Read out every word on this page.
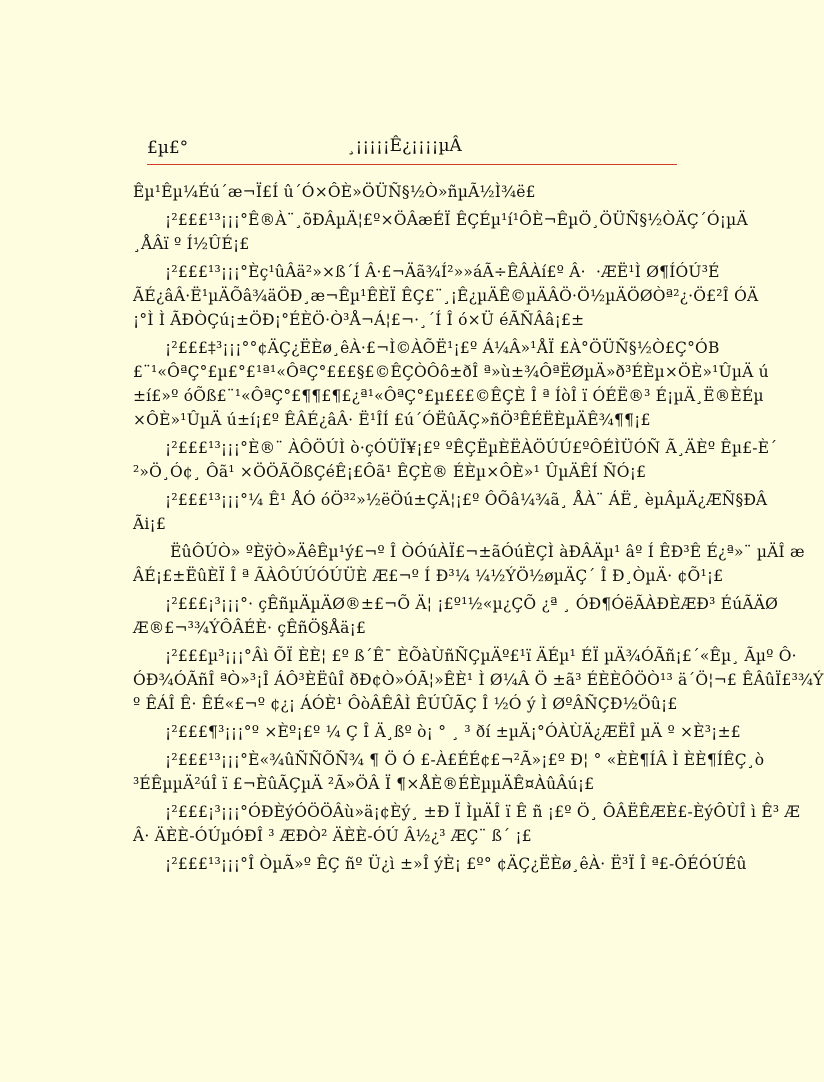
£µ£°	¸¡¡¡¡¡Ê¿¡¡¡¡µÂ
Êµ¹Êµ¼Éú´æ¬Ï£Í û´Ó×ÔÈ»ÖÜÑ§½Ò»ñµÃ½Ì¾ë£
¡²£££¹³¡¡¡°Ê®À¨¸õÐÂµÄ¦£º×ÖÂæÉÏ ÊÇÉµ¹í¹ÔÈ¬ÊµÖ¸ÖÜÑ§½ÒÄÇ´Ó¡µÄ
¸ÅÂï º Í½ÛÉ¡£
¡²£££¹³¡¡¡°Èç¹ûÂä²»×ß´Í Â·£¬Äã¾Í²»»áÃ÷ÊÂÀí£º Â·  ·ÆË¹Ì Ø¶ÍÓÚ³É
ÃÉ¿âÂ·Ë¹µÄÕâ¾äÖÐ¸æ¬Êµ¹ÊÈÏ ÊÇ£¨¸¡Ê¿µÄÊ©µÄÂÖ·Ö½µÄÖØÒª²¿·Ö£²Î ÓÄ
¡°Ì Ì ÃÐÒÇú¡±ÖÐ¡°ÉÈÖ·Ò³Å¬Á¦£¬·¸´Í Î ó×Ü éÃÑÂâ¡£±
¡²£££‡³¡¡¡°°¢ÄÇ¿ËÈø¸êÀ·£¬Ì©ÀÕË¹¡£º Á¼Â»¹ÅÏ £À°ÖÜÑ§½Ò£Ç°ÓB
£¨¹«ÔªÇ°£µ£°£¹ª¹«ÔªÇ°£££§£©ÊÇÒÔô±ðÎ ª»ù±¾ÔªËØµÄ»ð³ÉÈµ×ÖÈ»¹ÛµÄ ú
±í£»º óÕß£¨¹«ÔªÇ°£¶¶£¶£¿ª¹«ÔªÇ°£µ£££©ÊÇÈ Î ª ÍòÎ ï ÓÉË®³ É¡µÄ¸Ë®ÈÉµ
×ÔÈ»¹ÛµÄ ú±í¡£º ÊÂÉ¿âÂ· Ë¹ÎÍ £ú´ÓËûÃÇ»ñÖ³ÊÉËÈµÄÊ¾¶¶¡£
¡²£££¹³¡¡¡°È®¨ ÀÔÖÚÌ ò·çÓÜÏ¥¡£º ºÊÇËµÈËÀÖÚÚ£ºÔÉÌÜÓÑ Ã¸ÄÈº Êµ£-È´
²»Ö¸Ó¢¸ Ôã¹ ×ÖÖÃÕßÇéÊ¡£Ôã¹ ÊÇÈ® ÉÈµ×ÔÈ»¹ ÛµÄÊÍ ÑÓ¡£
¡²£££¹³¡¡¡°¼ Ê¹ ÅÓ óÖ³²»½ëÖú±ÇÄ¦¡£º ÔÕâ¼¾ã¸ ÅÀ¨ ÁË¸ èµÂµÄ¿ÆÑ§ÐÂ
Ãi¡£
ËûÔÚÒ» ºÈÿÒ»ÄêÊµ¹ý£¬º Î ÒÓúÀÏ£¬±ãÓúÈÇÌ àÐÂÄµ¹ âº Í ÊÐ³Ê É¿ª»¨ µÄÎ æ
ÂÉ¡£±ËûÈÏ Î ª ÃÀÔÚÚÓÚÜÈ Æ£¬º Í Ð³¼ ¼½ÝÖ½øµÄÇ´ Î Ð¸ÒµÄ· ¢Õ¹¡£
¡²£££¡³¡¡¡°· çÊñµÄµÄØ®±£¬Õ Ä¦ ¡£º¹½«µ¿ÇÕ ¿ª ¸ ÓÐ¶ÓëÃÀÐÈÆÐ³ ÉúÃÄØ
Æ®£¬³¾ÝÔÂÉÈ· çÊñÖ§Åä¡£
¡²£££µ³¡¡¡°Âì ÕÏ ÈÈ¦ £º ß´Ê¯ ÈÕàÙñÑÇµÄº£¹ï ÄÉµ¹ ÉÏ µÄ¾ÓÃñ¡£´«Êµ¸ Ãµº Ô·
ÓÐ¾ÓÃñÎ ªÒ»³¡Î ÁÔ³ÈËûÎ ðÐ¢Ò»ÓÃ¦»ÊÈ¹ Ì Ø¼Â Ö ±ã³ ÉÈÈÔÖÒ¹³ ä´Ö¦¬£ ÊÂûÏ£³¾Ý
º ÊÁÎ Ê· ÊÉ«£¬º ¢¿¡ ÁÓÈ¹ ÔòÂÊÂÌ ÊÚÛÃÇ Î ½Ó ý Ì ØºÂÑÇÐ½Öû¡£
¡²£££¶³¡¡¡°º ×Èº¡£º ¼ Ç Î Ä¸ßº ò¡ ° ¸ ³ ðí ±µÄ¡°ÓÀÙÄ¿ÆËÎ µÄ º ×È³¡±£
¡²£££¹³¡¡¡°È«¾ûÑÑÕÑ¾ ¶ Ö Ó £-À£ÉÉ¢£¬²Ã»¡£º Ð¦ ° «ÈÈ¶ÍÂ Ì ÈÈ¶ÍÊÇ¸ò
³ÉÊµµÄ²úÎ ï £¬ÈûÃÇµÄ ²Ã»ÖÂ Ï ¶×ÅÈ®ÉÈµµÄÊ¤ÀûÂú¡£
¡²£££¡³¡¡¡°ÓÐÈýÓÖÖÂù»ä¡¢Èý¸ ±Ð Ï ÌµÄÎ ï Ê ñ ¡£º Ö¸ ÔÂËÊÆÈ£-ÈýÔÙÎ ì Ê³ Æ
Â· ÄÈÈ-ÓÚµÓÐÎ ³ ÆÐÒ² ÄÈÈ-ÓÚ Â½¿³ ÆÇ¨ ß´ ¡£
¡²£££¹³¡¡¡°Î ÒµÃ»º ÊÇ ñº Ü¿ì ±»Î ýÈ¡ £º° ¢ÄÇ¿ËÈø¸êÀ· Ë³Ï Î ª£-ÔÉÓÚÉû
